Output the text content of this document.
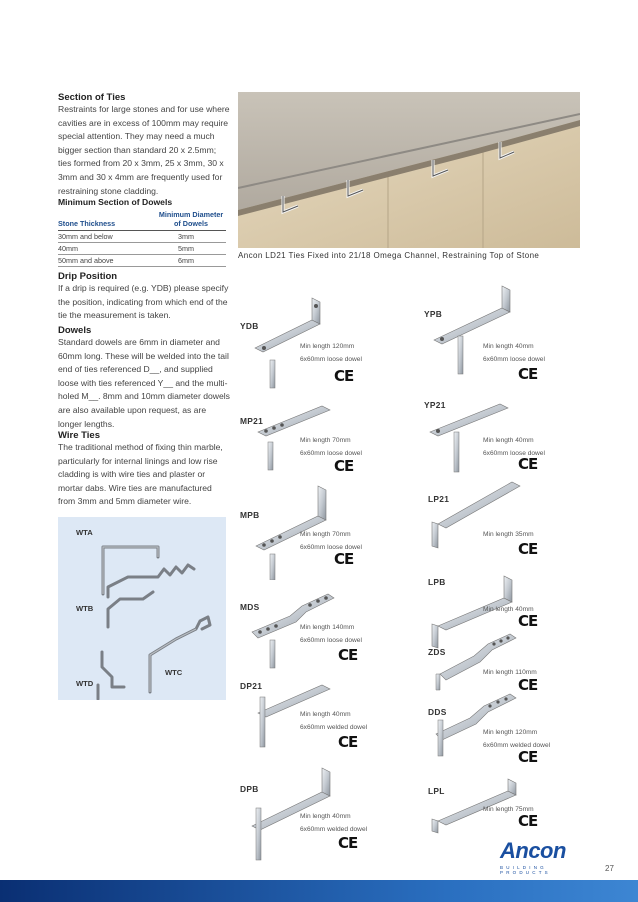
Section of Ties

Restraints for large stones and for use where cavities are in excess of 100mm may require special attention. They may need a much bigger section than standard 20 x 2.5mm; ties formed from 20 x 3mm, 25 x 3mm, 30 x 3mm and 30 x 4mm are frequently used for restraining stone cladding.

Minimum Section of Dowels
Stone Thickness	Minimum Diameter of Dowels
30mm and below	3mm
40mm	5mm
50mm and above	6mm
Drip Position

If a drip is required (e.g. YDB) please specify the position, indicating from which end of the tie the measurement is taken.

Dowels

Standard dowels are 6mm in diameter and 60mm long. These will be welded into the tail end of ties referenced D__, and supplied loose with ties referenced Y__ and the multi-holed M__. 8mm and 10mm diameter dowels are also available upon request, as are longer lengths.

Wire Ties

The traditional method of fixing thin marble, particularly for internal linings and low rise cladding is with wire ties and plaster or mortar dabs. Wire ties are manufactured from 3mm and 5mm diameter wire.

WTA
WTB
WTC
WTD
Ancon LD21 Ties Fixed into 21/18 Omega Channel, Restraining Top of Stone
YDB
Min length 120mm
6x60mm loose dowel
CE
MP21
Min length 70mm
6x60mm loose dowel
CE
MPB
Min length 70mm
6x60mm loose dowel
CE
MDS
Min length 140mm
6x60mm loose dowel
CE
DP21
Min length 40mm
6x60mm welded dowel
CE
DPB
Min length 40mm
6x60mm welded dowel
CE
YPB
Min length 40mm
6x60mm loose dowel
CE
YP21
Min length 40mm
6x60mm loose dowel
CE
LP21
Min length 35mm
CE
LPB
Min length 40mm
CE
ZDS
Min length 110mm
CE
DDS
Min length 120mm
6x60mm welded dowel
CE
LPL
Min length 75mm
CE
Ancon
BUILDING PRODUCTS	27
